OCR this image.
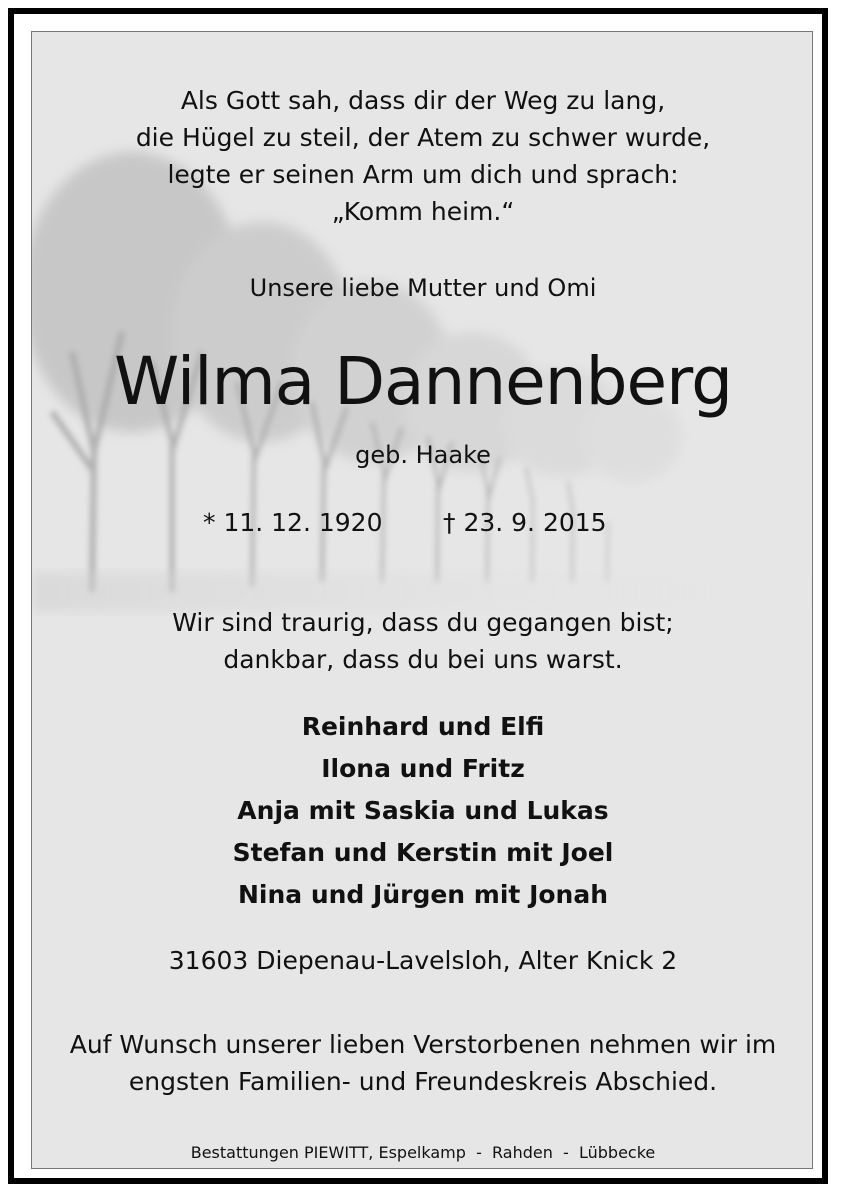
Als Gott sah, dass dir der Weg zu lang,
die Hügel zu steil, der Atem zu schwer wurde,
legte er seinen Arm um dich und sprach:
„Komm heim.“
Unsere liebe Mutter und Omi
Wilma Dannenberg
geb. Haake
* 11. 12. 1920 † 23. 9. 2015
Wir sind traurig, dass du gegangen bist;
dankbar, dass du bei uns warst.
Reinhard und Elfi
Ilona und Fritz
Anja mit Saskia und Lukas
Stefan und Kerstin mit Joel
Nina und Jürgen mit Jonah
31603 Diepenau-Lavelsloh, Alter Knick 2
Auf Wunsch unserer lieben Verstorbenen nehmen wir im
engsten Familien- und Freundeskreis Abschied.
Bestattungen PIEWITT, Espelkamp  -  Rahden  -  Lübbecke
